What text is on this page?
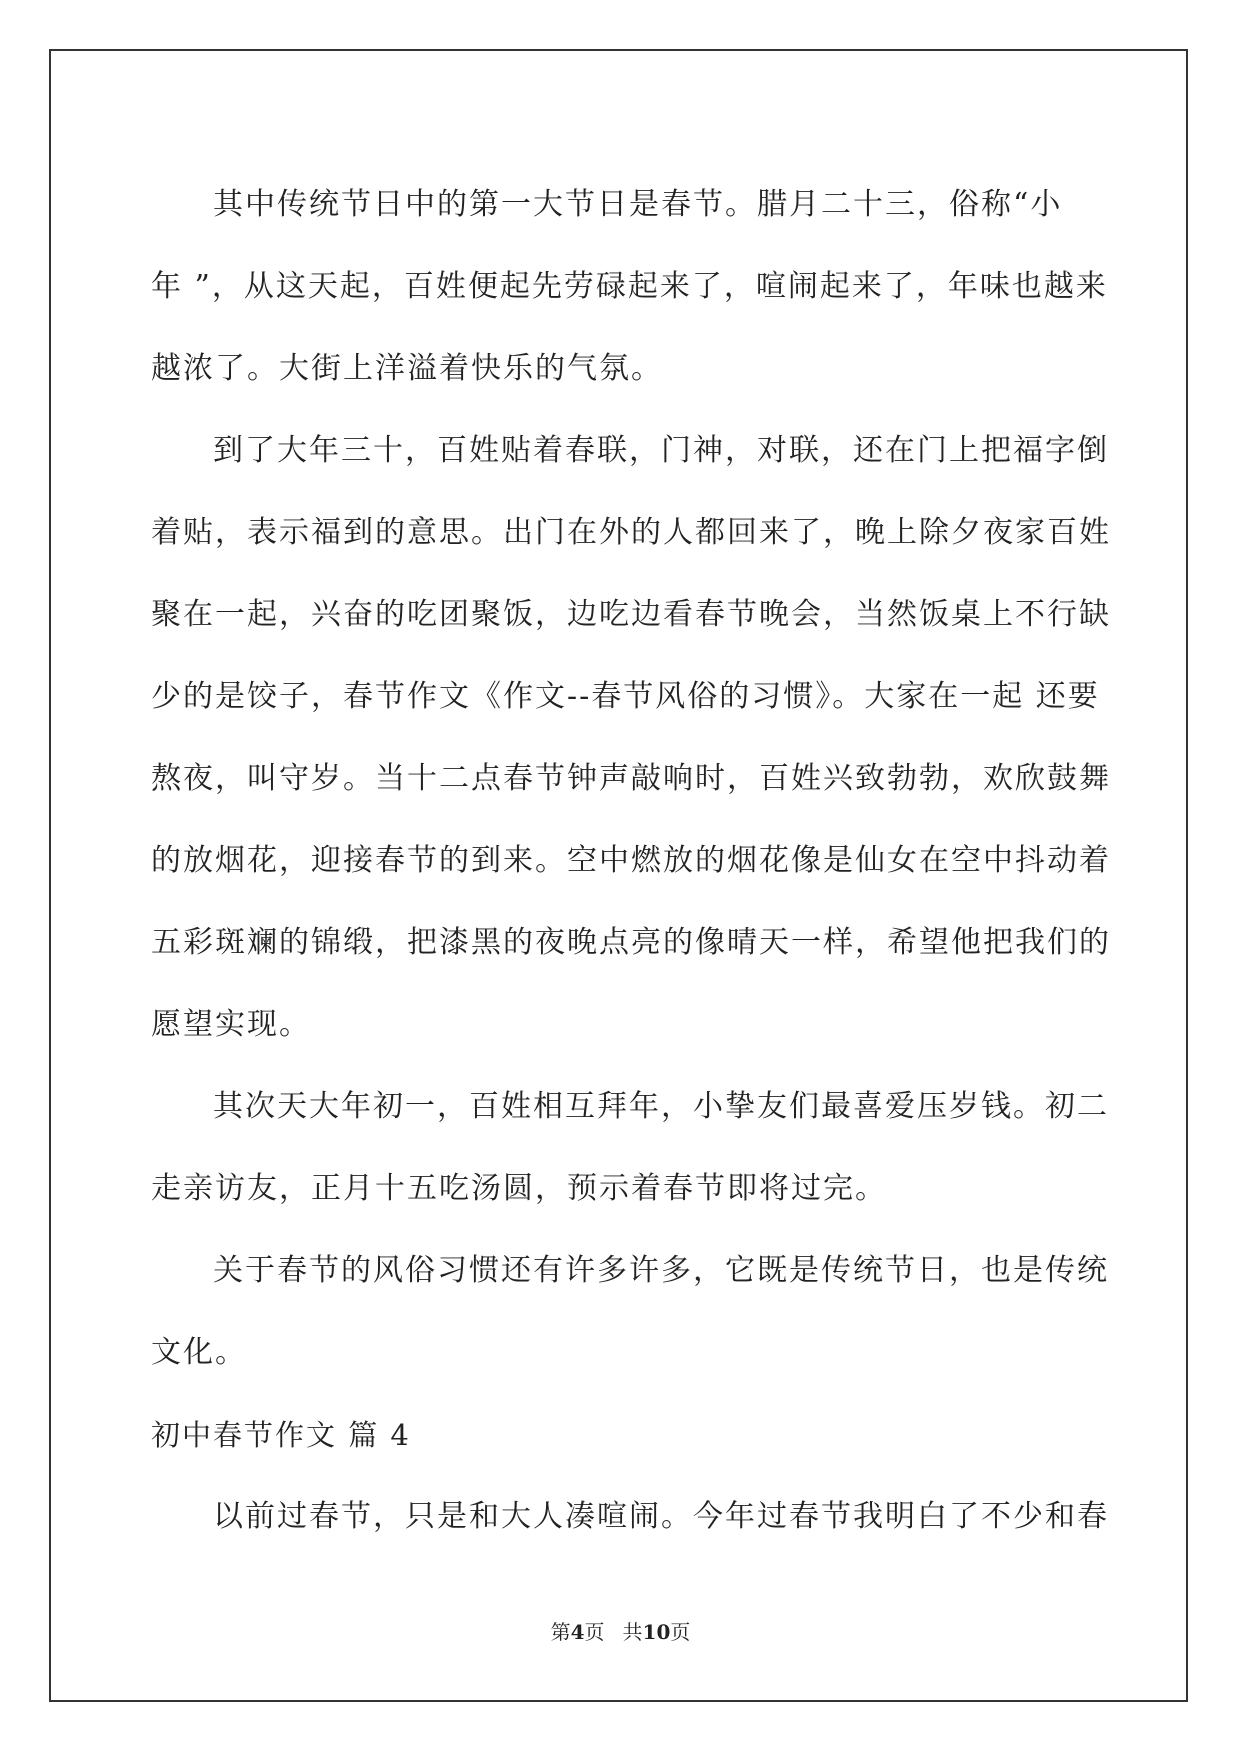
其中传统节日中的第一大节日是春节。腊月二十三，俗称“小
年 ”，从这天起，百姓便起先劳碌起来了，喧闹起来了，年味也越来
越浓了。大街上洋溢着快乐的气氛。
到了大年三十，百姓贴着春联，门神，对联，还在门上把福字倒
着贴，表示福到的意思。出门在外的人都回来了，晚上除夕夜家百姓
聚在一起，兴奋的吃团聚饭，边吃边看春节晚会，当然饭桌上不行缺
少的是饺子，春节作文《作文--春节风俗的习惯》。大家在一起 还要
熬夜，叫守岁。当十二点春节钟声敲响时，百姓兴致勃勃，欢欣鼓舞
的放烟花，迎接春节的到来。空中燃放的烟花像是仙女在空中抖动着
五彩斑斓的锦缎，把漆黑的夜晚点亮的像晴天一样，希望他把我们的
愿望实现。
其次天大年初一，百姓相互拜年，小挚友们最喜爱压岁钱。初二
走亲访友，正月十五吃汤圆，预示着春节即将过完。
关于春节的风俗习惯还有许多许多，它既是传统节日，也是传统
文化。
初中春节作文 篇 4
以前过春节，只是和大人凑喧闹。今年过春节我明白了不少和春
第4页 共10页
